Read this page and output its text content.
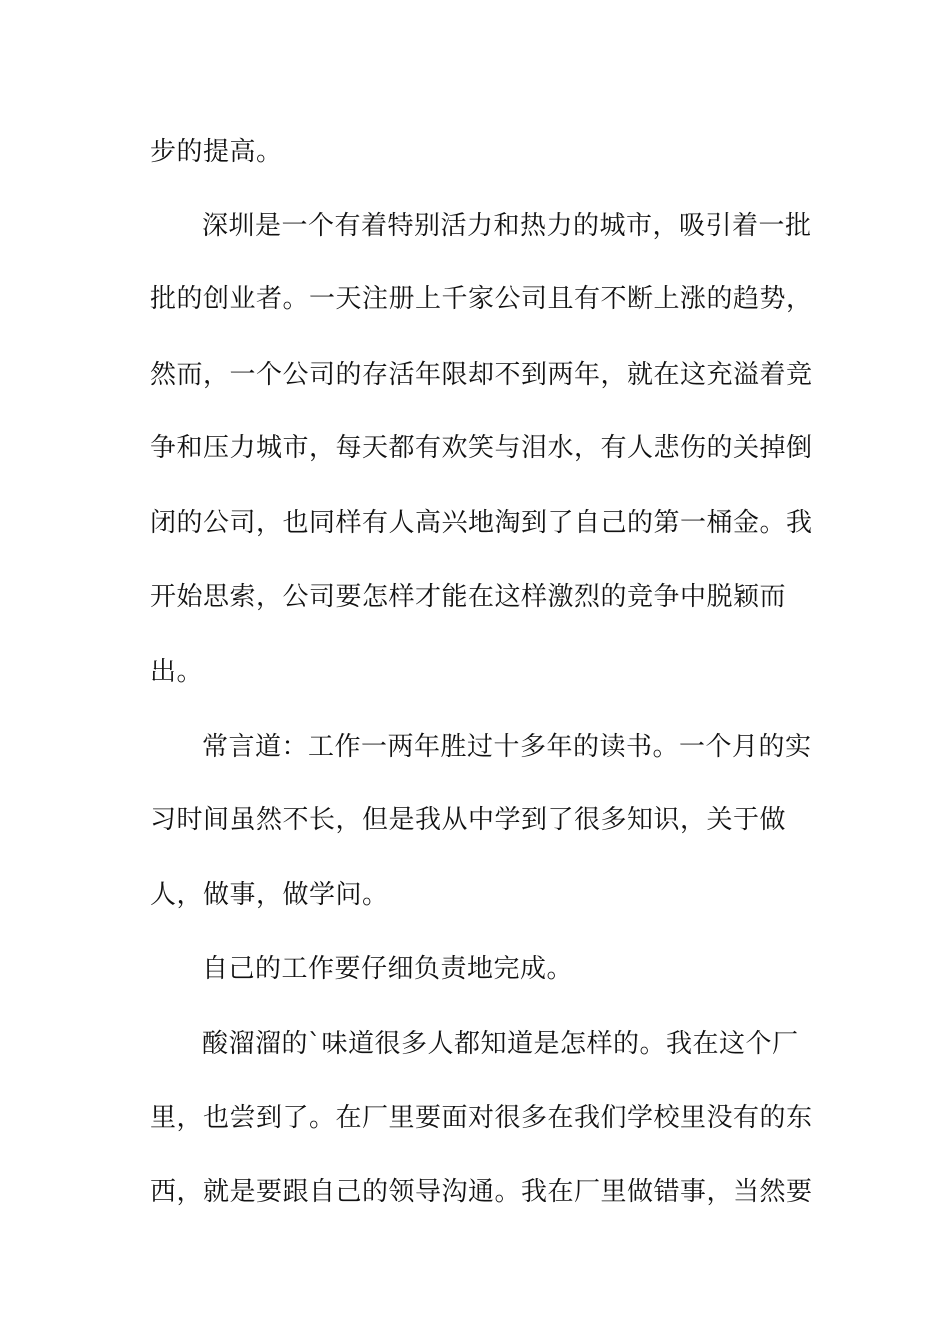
步的提高。
深圳是一个有着特别活力和热力的城市，吸引着一批
批的创业者。一天注册上千家公司且有不断上涨的趋势，
然而，一个公司的存活年限却不到两年，就在这充溢着竞
争和压力城市，每天都有欢笑与泪水，有人悲伤的关掉倒
闭的公司，也同样有人高兴地淘到了自己的第一桶金。我
开始思索，公司要怎样才能在这样激烈的竞争中脱颖而
出。
常言道：工作一两年胜过十多年的读书。一个月的实
习时间虽然不长，但是我从中学到了很多知识，关于做
人，做事，做学问。
自己的工作要仔细负责地完成。
酸溜溜的`味道很多人都知道是怎样的。我在这个厂
里，也尝到了。在厂里要面对很多在我们学校里没有的东
西，就是要跟自己的领导沟通。我在厂里做错事，当然要
